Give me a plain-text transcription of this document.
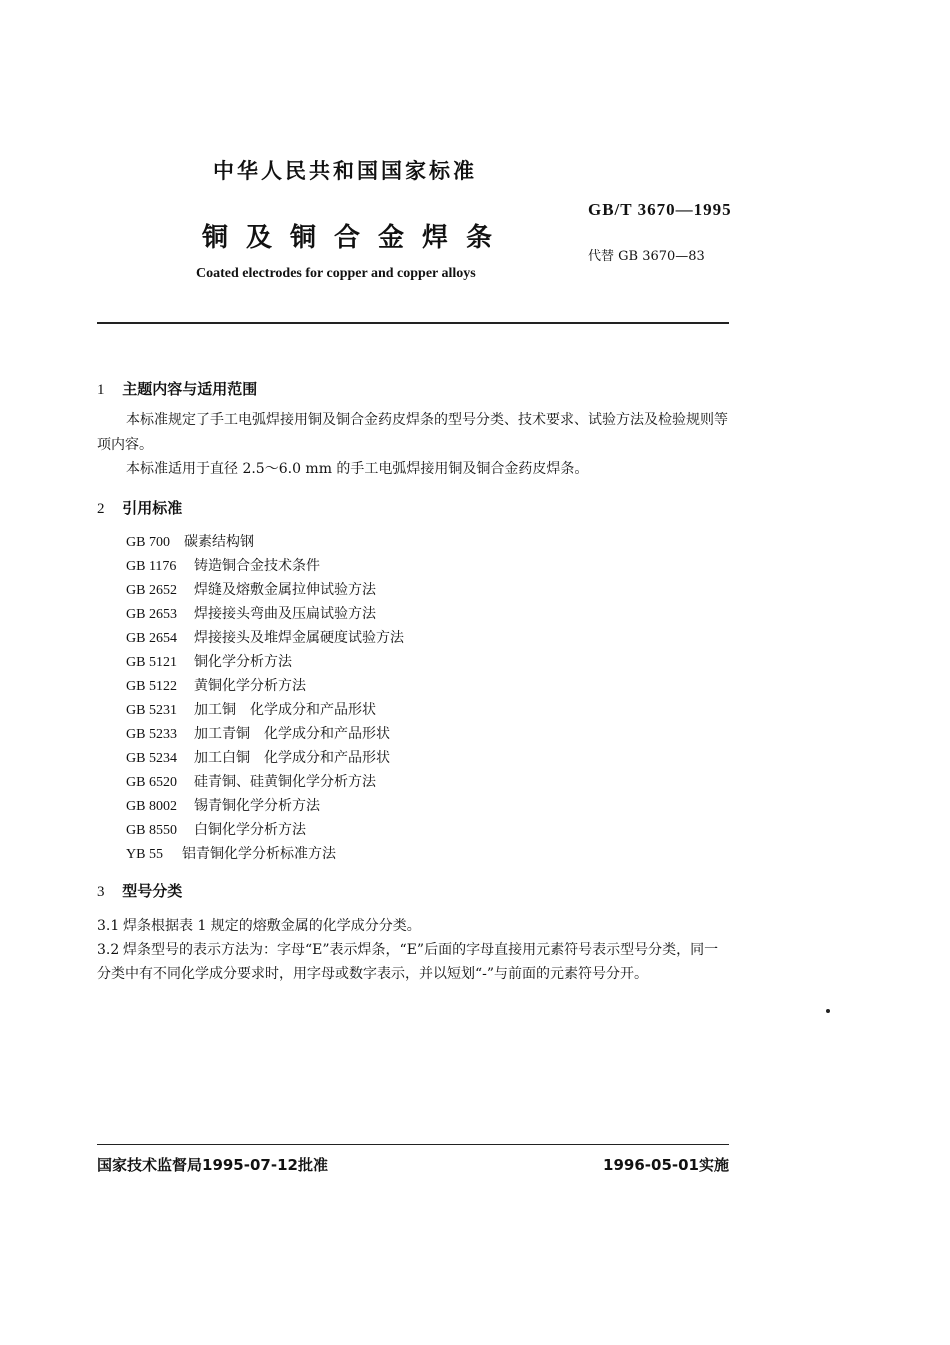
中华人民共和国国家标准
铜及铜合金焊条
Coated electrodes for copper and copper alloys
GB/T 3670—1995
代替 GB 3670—83
1 主题内容与适用范围
本标准规定了手工电弧焊接用铜及铜合金药皮焊条的型号分类、技术要求、试验方法及检验规则等
项内容。
本标准适用于直径 2.5～6.0 mm 的手工电弧焊接用铜及铜合金药皮焊条。
2 引用标准
GB 700 碳素结构钢
GB 1176 铸造铜合金技术条件
GB 2652 焊缝及熔敷金属拉伸试验方法
GB 2653 焊接接头弯曲及压扁试验方法
GB 2654 焊接接头及堆焊金属硬度试验方法
GB 5121 铜化学分析方法
GB 5122 黄铜化学分析方法
GB 5231 加工铜　化学成分和产品形状
GB 5233 加工青铜　化学成分和产品形状
GB 5234 加工白铜　化学成分和产品形状
GB 6520 硅青铜、硅黄铜化学分析方法
GB 8002 锡青铜化学分析方法
GB 8550 白铜化学分析方法
YB 55 铝青铜化学分析标准方法
3 型号分类
3.1 焊条根据表 1 规定的熔敷金属的化学成分分类。
3.2 焊条型号的表示方法为：字母“E”表示焊条，“E”后面的字母直接用元素符号表示型号分类，同一
分类中有不同化学成分要求时，用字母或数字表示，并以短划“-”与前面的元素符号分开。
国家技术监督局1995-07-12批准	1996-05-01实施
